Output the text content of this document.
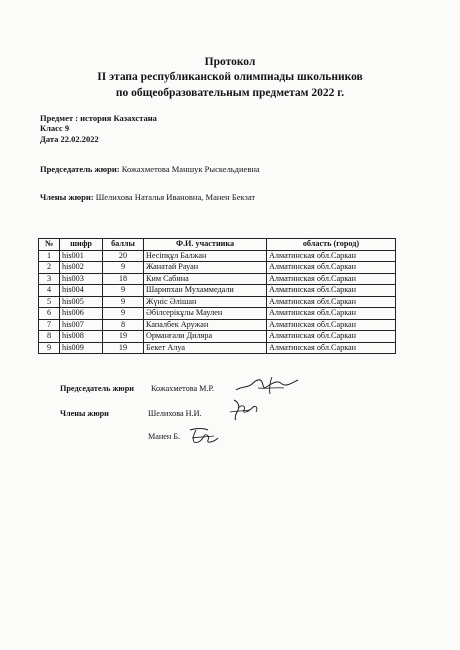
Протокол
II этапа республиканской олимпиады школьников
по общеобразовательным предметам 2022 г.
Предмет : история Казахстана
Класс 9
Дата 22.02.2022
Председатель жюри: Кожахметова Маншук Рыскельдиевна
Члены жюри: Шелихова Наталья Ивановна, Манен Бекзат
№	шифр	баллы	Ф.И. участника	область (город)
1	his001	20	Несіпқұл Балжан	Алматинская обл.Саркан
2	his002	9	Жанатай Рауан	Алматинская обл.Саркан
3	his003	18	Ким Сабина	Алматинская обл.Саркан
4	his004	9	Шарипхан Мухаммедали	Алматинская обл.Саркан
5	his005	9	Жүніс Әлішан	Алматинская обл.Саркан
6	his006	9	Әбілсерікұлы Маулен	Алматинская обл.Саркан
7	his007	8	Капалбек Аружан	Алматинская обл.Саркан
8	his008	19	Орманғали Диляра	Алматинская обл.Саркан
9	his009	19	Бекет Алуа	Алматинская обл.Саркан
Председатель жюри Кожахметова М.Р.
Члены жюри	Шелихова Н.И.
Манен Б.
